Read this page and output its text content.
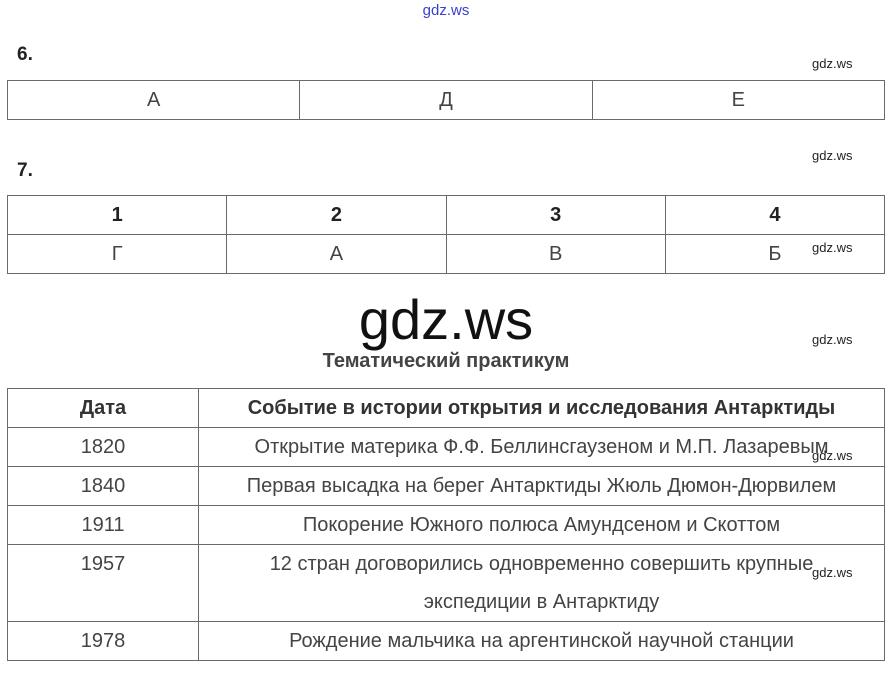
gdz.ws
6.	gdz.ws
А	Д	Е
7.
gdz.ws
1	2	3	4
Г	А	В	Б gdz.ws
gdz.ws	gdz.ws
Тематический практикум
Дата	Событие в истории открытия и исследования Антарктиды
1820	Открытие материка Ф.Ф. Беллинсгаузеном и М.П. Лазаревым
1840	Первая высадка на берег Антарктиды Жюль Дюмон-Дюрвилем
1911	Покорение Южного полюса Амундсеном и Скоттом
1957	12 стран договорились одновременно совершить крупные экспедиции в Антарктиду
1978	Рождение мальчика на аргентинской научной станции
gdz.ws
gdz.ws
